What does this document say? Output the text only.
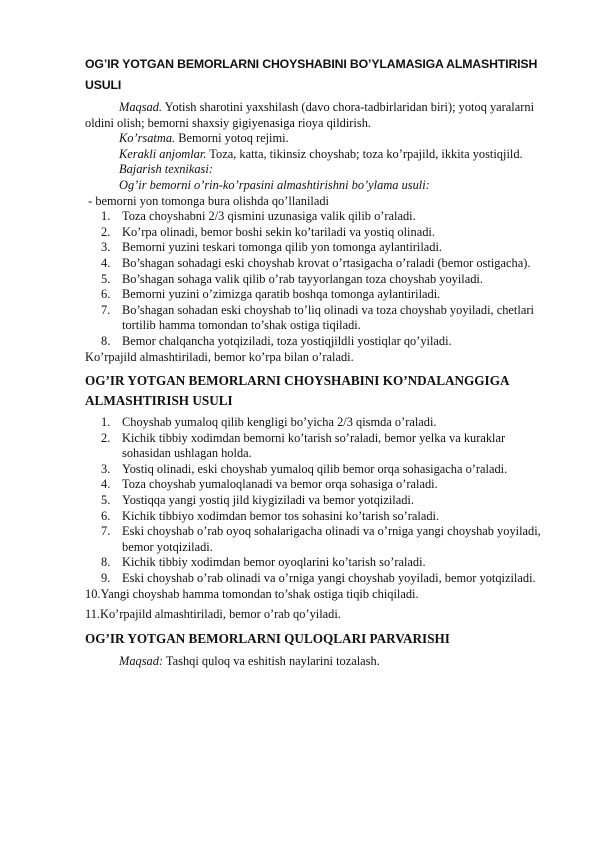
OG’IR YOTGAN BEMORLARNI CHOYSHABINI BO’YLAMASIGA ALMASHTIRISH USULI

Maqsad. Yotish sharotini yaxshilash (davo chora-tadbirlaridan biri); yotoq yaralarni oldini olish; bemorni shaxsiy gigiyenasiga rioya qildirish.

Ko’rsatma. Bemorni yotoq rejimi.

Kerakli anjomlar. Toza, katta, tikinsiz choyshab; toza ko’rpajild, ikkita yostiqjild.

Bajarish texnikasi:

Og’ir bemorni o’rin-ko’rpasini almashtirishni bo’ylama usuli:

- bemorni yon tomonga bura olishda qo’llaniladi

1. Toza choyshabni 2/3 qismini uzunasiga valik qilib o’raladi.
2. Ko’rpa olinadi, bemor boshi sekin ko’tariladi va yostiq olinadi.
3. Bemorni yuzini teskari tomonga qilib yon tomonga aylantiriladi.
4. Bo’shagan sohadagi eski choyshab krovat o’rtasigacha o’raladi (bemor ostigacha).
5. Bo’shagan sohaga valik qilib o’rab tayyorlangan toza choyshab yoyiladi.
6. Bemorni yuzini o’zimizga qaratib boshqa tomonga aylantiriladi.
7. Bo’shagan sohadan eski choyshab to’liq olinadi va toza choyshab yoyiladi, chetlari tortilib hamma tomondan to’shak ostiga tiqiladi.
8. Bemor chalqancha yotqiziladi, toza yostiqjildli yostiqlar qo’yiladi.

Ko’rpajild almashtiriladi, bemor ko’rpa bilan o’raladi.

OG’IR YOTGAN BEMORLARNI CHOYSHABINI KO’NDALANGGIGA ALMASHTIRISH USULI
1. Choyshab yumaloq qilib kengligi bo’yicha 2/3 qismda o’raladi.
2. Kichik tibbiy xodimdan bemorni ko’tarish so’raladi, bemor yelka va kuraklar sohasidan ushlagan holda.
3. Yostiq olinadi, eski choyshab yumaloq qilib bemor orqa sohasigacha o’raladi.
4. Toza choyshab yumaloqlanadi va bemor orqa sohasiga o’raladi.
5. Yostiqqa yangi yostiq jild kiygiziladi va bemor yotqiziladi.
6. Kichik tibbiyo xodimdan bemor tos sohasini ko’tarish so’raladi.
7. Eski choyshab o’rab oyoq sohalarigacha olinadi va o’rniga yangi choyshab yoyiladi, bemor yotqiziladi.
8. Kichik tibbiy xodimdan bemor oyoqlarini ko’tarish so’raladi.
9. Eski choyshab o’rab olinadi va o’rniga yangi choyshab yoyiladi, bemor yotqiziladi.

10.Yangi choyshab hamma tomondan to’shak ostiga tiqib chiqiladi.

11.Ko’rpajild almashtiriladi, bemor o’rab qo’yiladi.

OG’IR YOTGAN BEMORLARNI QULOQLARI PARVARISHI

Maqsad: Tashqi quloq va eshitish naylarini tozalash.
